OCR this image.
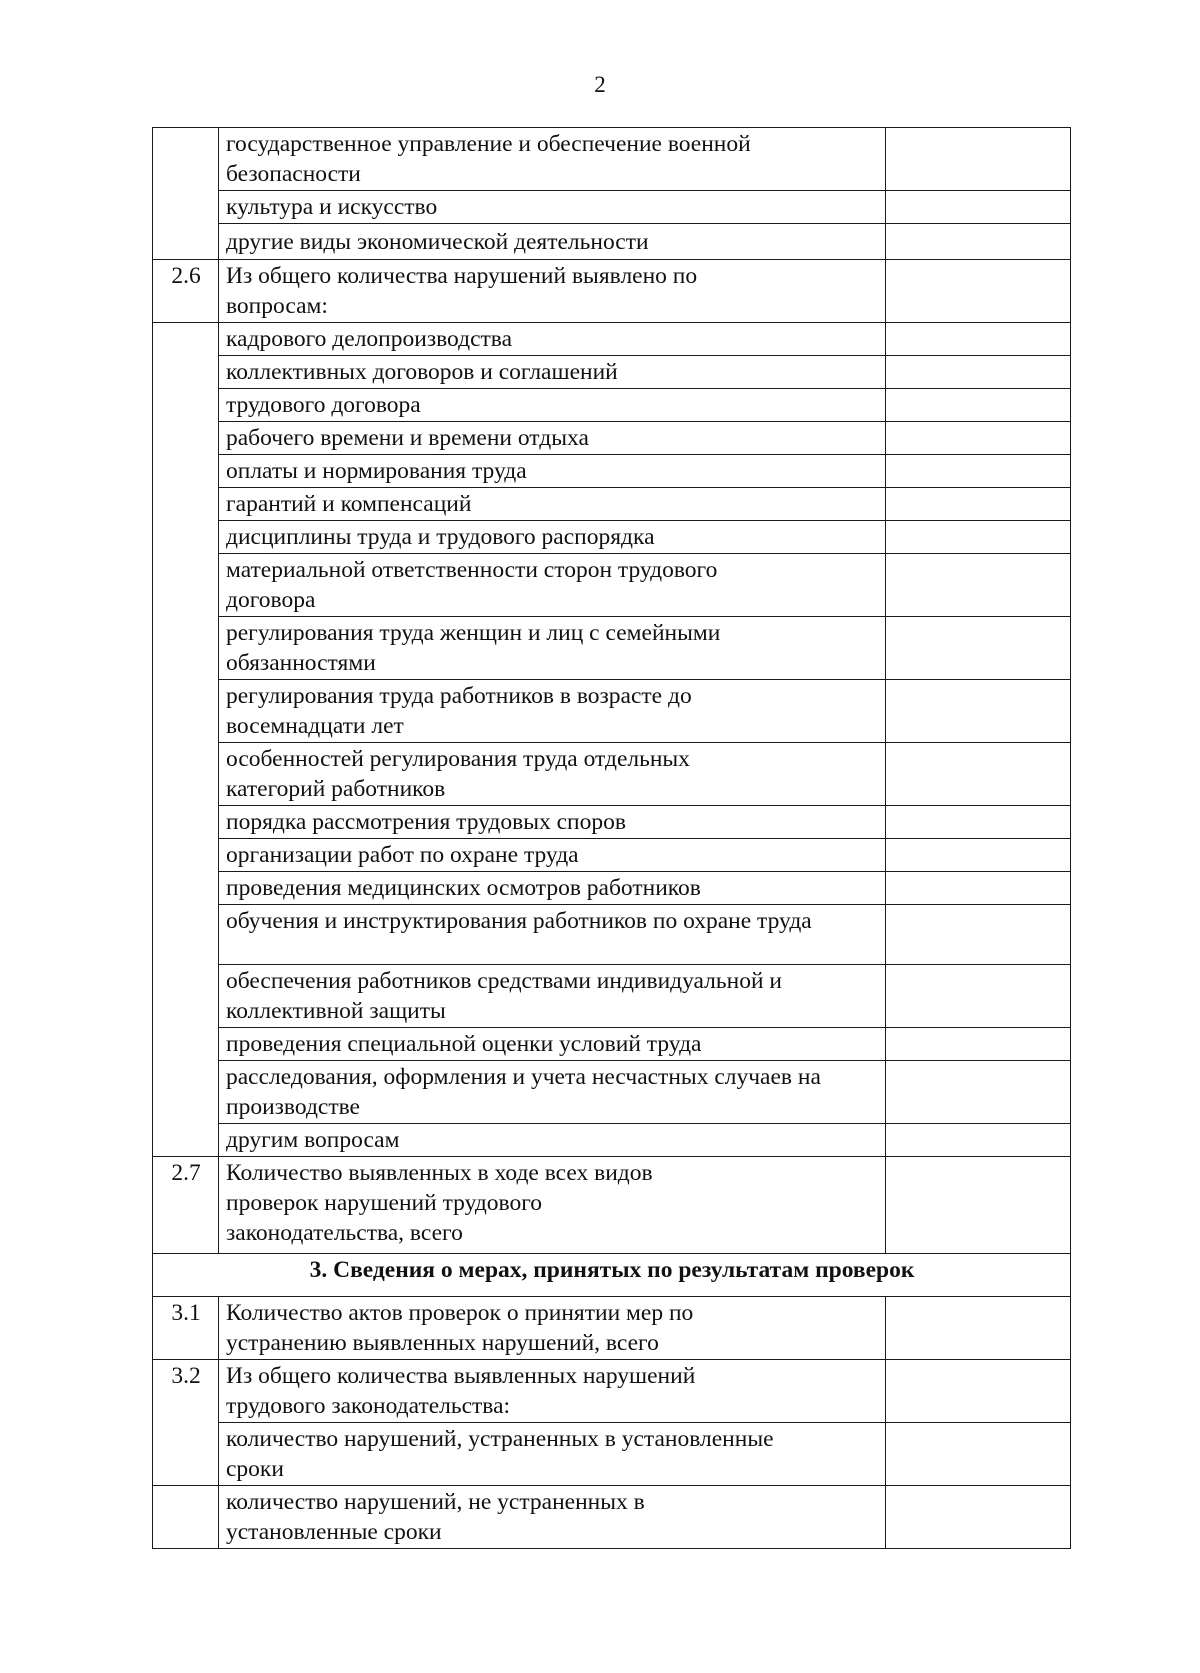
2
	государственное управление и обеспечение военной безопасности	
	культура и искусство	
	другие виды экономической деятельности	
2.6	Из общего количества нарушений выявлено по вопросам:	
	кадрового делопроизводства	
	коллективных договоров и соглашений	
	трудового договора	
	рабочего времени и времени отдыха	
	оплаты и нормирования труда	
	гарантий и компенсаций	
	дисциплины труда и трудового распорядка	
	материальной ответственности сторон трудового договора	
	регулирования труда женщин и лиц с семейными обязанностями	
	регулирования труда работников в возрасте до восемнадцати лет	
	особенностей регулирования труда отдельных категорий работников	
	порядка рассмотрения трудовых споров	
	организации работ по охране труда	
	проведения медицинских осмотров работников	
	обучения и инструктирования работников по охране труда	
	обеспечения работников средствами индивидуальной и коллективной защиты	
	проведения специальной оценки условий труда	
	расследования, оформления и учета несчастных случаев на производстве	
	другим вопросам	
2.7	Количество выявленных в ходе всех видов проверок нарушений трудового законодательства, всего	
3. Сведения о мерах, принятых по результатам проверок		
3.1	Количество актов проверок о принятии мер по устранению выявленных нарушений, всего	
3.2	Из общего количества выявленных нарушений трудового законодательства:	
	количество нарушений, устраненных в установленные сроки	
	количество нарушений, не устраненных в установленные сроки	
